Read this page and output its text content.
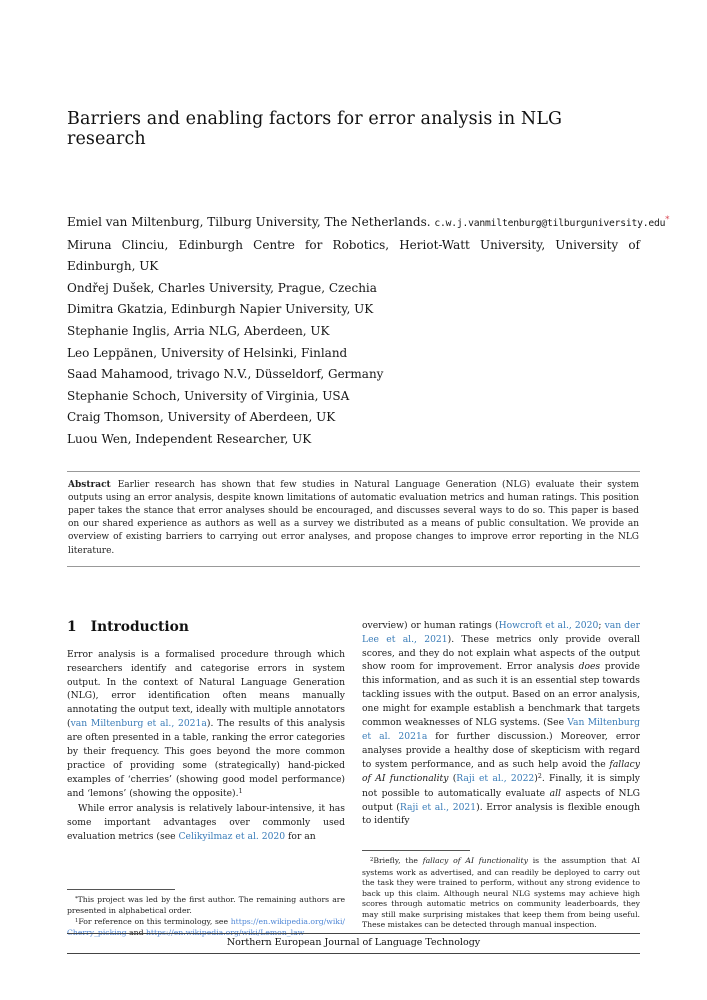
Barriers and enabling factors for error analysis in NLG research
Emiel van Miltenburg, Tilburg University, The Netherlands. c.w.j.vanmiltenburg@tilburguniversity.edu*
Miruna Clinciu, Edinburgh Centre for Robotics, Heriot-Watt University, University of Edinburgh, UK
Ondřej Dušek, Charles University, Prague, Czechia
Dimitra Gkatzia, Edinburgh Napier University, UK
Stephanie Inglis, Arria NLG, Aberdeen, UK
Leo Leppänen, University of Helsinki, Finland
Saad Mahamood, trivago N.V., Düsseldorf, Germany
Stephanie Schoch, University of Virginia, USA
Craig Thomson, University of Aberdeen, UK
Luou Wen, Independent Researcher, UK
Abstract Earlier research has shown that few studies in Natural Language Generation (NLG) evaluate their system outputs using an error analysis, despite known limitations of automatic evaluation metrics and human ratings. This position paper takes the stance that error analyses should be encouraged, and discusses several ways to do so. This paper is based on our shared experience as authors as well as a survey we distributed as a means of public consultation. We provide an overview of existing barriers to carrying out error analyses, and propose changes to improve error reporting in the NLG literature.
1 Introduction

Error analysis is a formalised procedure through which researchers identify and categorise errors in system output. In the context of Natural Language Generation (NLG), error identification often means manually annotating the output text, ideally with multiple annotators (van Miltenburg et al., 2021a). The results of this analysis are often presented in a table, ranking the error categories by their frequency. This goes beyond the more common practice of providing some (strategically) hand-picked examples of ‘cherries’ (showing good model performance) and ‘lemons’ (showing the opposite).$^1$

While error analysis is relatively labour-intensive, it has some important advantages over commonly used evaluation metrics (see Celikyilmaz et al. 2020 for an

*This project was led by the first author. The remaining authors are presented in alphabetical order.

$^1$For reference on this terminology, see https://en.wikipedia.org/wiki/Cherry_picking and https://en.wikipedia.org/wiki/Lemon_law

overview) or human ratings (Howcroft et al., 2020; van der Lee et al., 2021). These metrics only provide overall scores, and they do not explain what aspects of the output show room for improvement. Error analysis does provide this information, and as such it is an essential step towards tackling issues with the output. Based on an error analysis, one might for example establish a benchmark that targets common weaknesses of NLG systems. (See Van Miltenburg et al. 2021a for further discussion.) Moreover, error analyses provide a healthy dose of skepticism with regard to system performance, and as such help avoid the fallacy of AI functionality (Raji et al., 2022)$^2$. Finally, it is simply not possible to automatically evaluate all aspects of NLG output (Raji et al., 2021). Error analysis is flexible enough to identify

$^2$Briefly, the fallacy of AI functionality is the assumption that AI systems work as advertised, and can readily be deployed to carry out the task they were trained to perform, without any strong evidence to back up this claim. Although neural NLG systems may achieve high scores through automatic metrics on community leaderboards, they may still make surprising mistakes that keep them from being useful. These mistakes can be detected through manual inspection.

Northern European Journal of Language Technology
